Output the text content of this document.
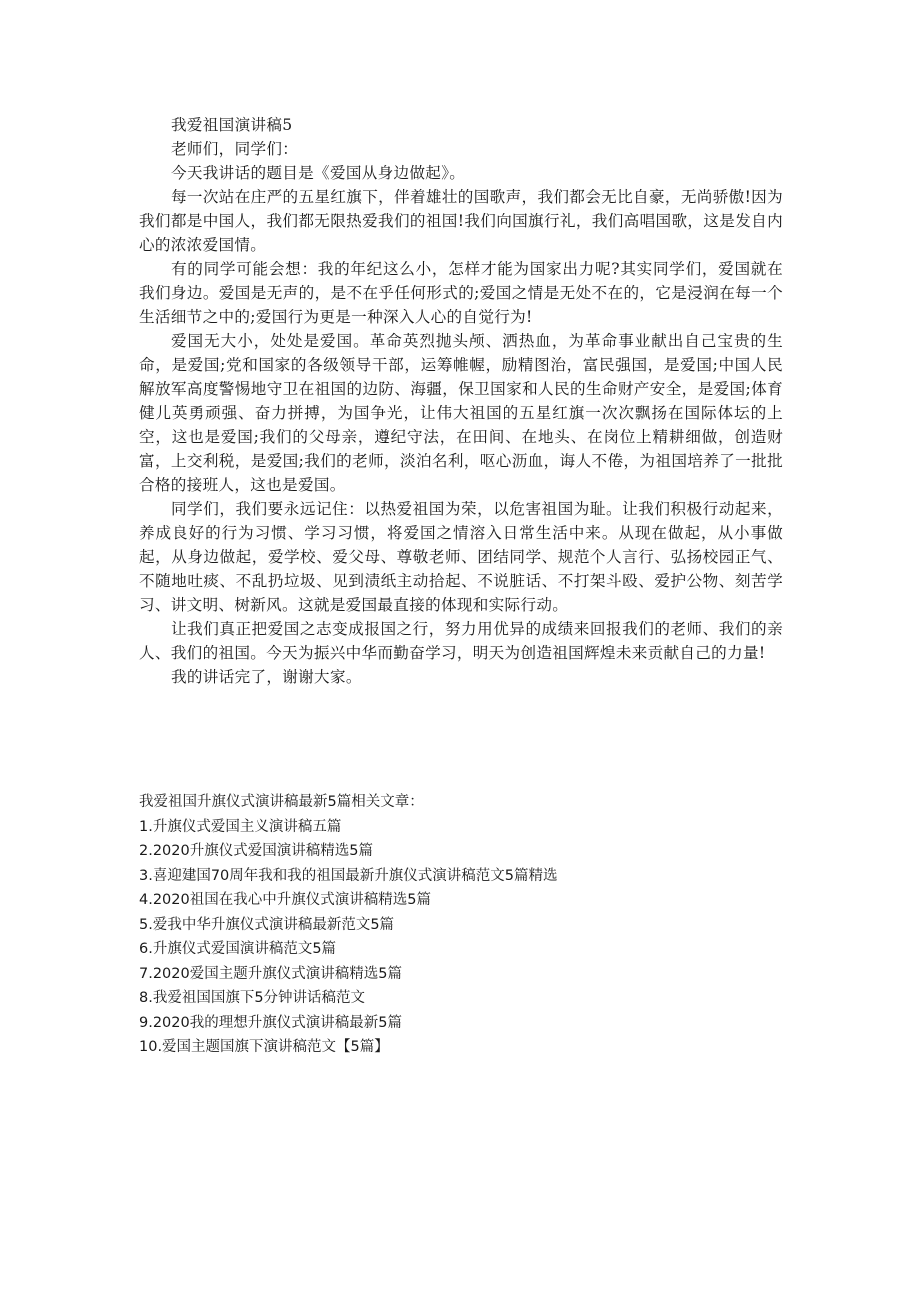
我爱祖国演讲稿5

老师们，同学们：

今天我讲话的题目是《爱国从身边做起》。

每一次站在庄严的五星红旗下，伴着雄壮的国歌声，我们都会无比自豪，无尚骄傲!因为我们都是中国人，我们都无限热爱我们的祖国!我们向国旗行礼，我们高唱国歌，这是发自内心的浓浓爱国情。

有的同学可能会想：我的年纪这么小，怎样才能为国家出力呢?其实同学们，爱国就在我们身边。爱国是无声的，是不在乎任何形式的;爱国之情是无处不在的，它是浸润在每一个生活细节之中的;爱国行为更是一种深入人心的自觉行为!

爱国无大小，处处是爱国。革命英烈抛头颅、洒热血，为革命事业献出自己宝贵的生命，是爱国;党和国家的各级领导干部，运筹帷幄，励精图治，富民强国，是爱国;中国人民解放军高度警惕地守卫在祖国的边防、海疆，保卫国家和人民的生命财产安全，是爱国;体育健儿英勇顽强、奋力拼搏，为国争光，让伟大祖国的五星红旗一次次飘扬在国际体坛的上空，这也是爱国;我们的父母亲，遵纪守法，在田间、在地头、在岗位上精耕细做，创造财富，上交利税，是爱国;我们的老师，淡泊名利，呕心沥血，诲人不倦，为祖国培养了一批批合格的接班人，这也是爱国。

同学们，我们要永远记住：以热爱祖国为荣，以危害祖国为耻。让我们积极行动起来，养成良好的行为习惯、学习习惯，将爱国之情溶入日常生活中来。从现在做起，从小事做起，从身边做起，爱学校、爱父母、尊敬老师、团结同学、规范个人言行、弘扬校园正气、不随地吐痰、不乱扔垃圾、见到渍纸主动拾起、不说脏话、不打架斗殴、爱护公物、刻苦学习、讲文明、树新风。这就是爱国最直接的体现和实际行动。

让我们真正把爱国之志变成报国之行，努力用优异的成绩来回报我们的老师、我们的亲人、我们的祖国。今天为振兴中华而勤奋学习，明天为创造祖国辉煌未来贡献自己的力量!

我的讲话完了，谢谢大家。

我爱祖国升旗仪式演讲稿最新5篇相关文章：

1.升旗仪式爱国主义演讲稿五篇
2.2020升旗仪式爱国演讲稿精选5篇
3.喜迎建国70周年我和我的祖国最新升旗仪式演讲稿范文5篇精选
4.2020祖国在我心中升旗仪式演讲稿精选5篇
5.爱我中华升旗仪式演讲稿最新范文5篇
6.升旗仪式爱国演讲稿范文5篇
7.2020爱国主题升旗仪式演讲稿精选5篇
8.我爱祖国国旗下5分钟讲话稿范文
9.2020我的理想升旗仪式演讲稿最新5篇
10.爱国主题国旗下演讲稿范文【5篇】
